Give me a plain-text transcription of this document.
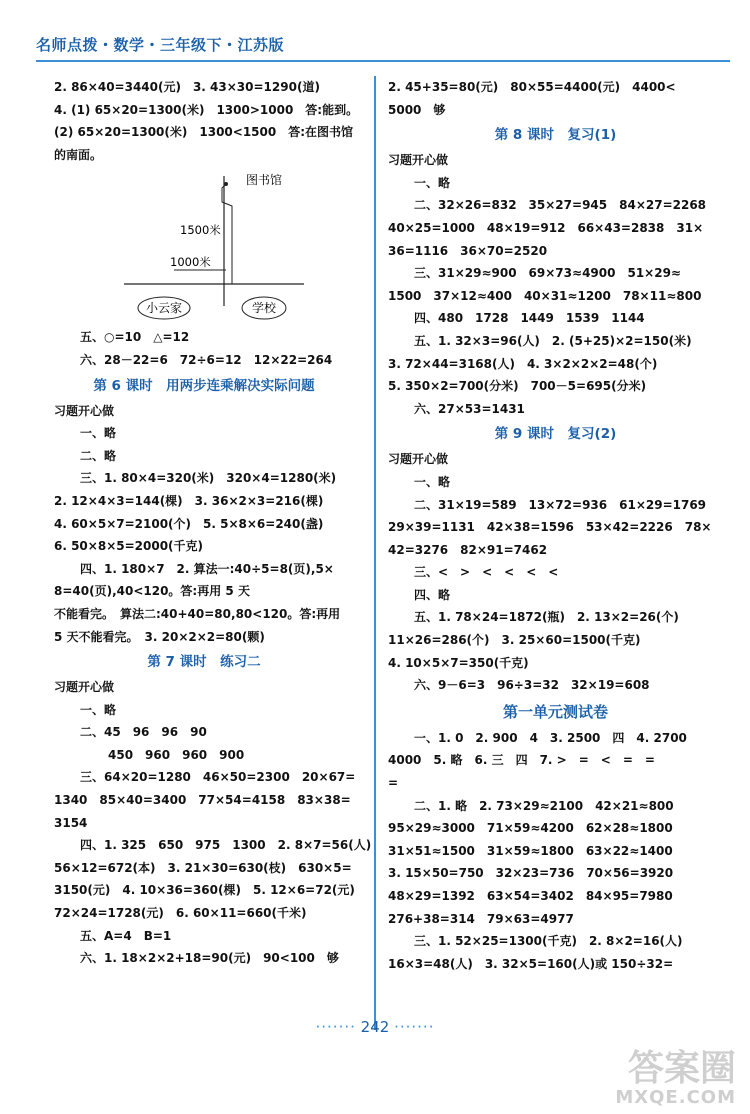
名师点拨・数学・三年级下・江苏版
2. 86×40=3440(元)　3. 43×30=1290(道)
4. (1) 65×20=1300(米)　1300>1000　答:能到。
(2) 65×20=1300(米)　1300<1500　答:在图书馆
的南面。
图书馆
1500米
1000米
小云家	学校
五、○=10　△=12
六、28－22=6　72÷6=12　12×22=264
第 6 课时　用两步连乘解决实际问题
习题开心做
一、略
二、略
三、1. 80×4=320(米)　320×4=1280(米)
2. 12×4×3=144(棵)　3. 36×2×3=216(棵)
4. 60×5×7=2100(个)　5. 5×8×6=240(盏)
6. 50×8×5=2000(千克)
四、1. 180×7　2. 算法一:40÷5=8(页),5×
8=40(页),40<120。答:再用 5 天
不能看完。　算法二:40+40=80,80<120。答:再用
5 天不能看完。　3. 20×2×2=80(颗)
第 7 课时　练习二
习题开心做
一、略
二、45　96　96　90
450　960　960　900
三、64×20=1280　46×50=2300　20×67=
1340　85×40=3400　77×54=4158　83×38=
3154
四、1. 325　650　975　1300　2. 8×7=56(人)
56×12=672(本)　3. 21×30=630(枝)　630×5=
3150(元)　4. 10×36=360(棵)　5. 12×6=72(元)
72×24=1728(元)　6. 60×11=660(千米)
五、A=4　B=1
六、1. 18×2×2+18=90(元)　90<100　够
2. 45+35=80(元)　80×55=4400(元)　4400<
5000　够
第 8 课时　复习(1)
习题开心做
一、略
二、32×26=832　35×27=945　84×27=2268
40×25=1000　48×19=912　66×43=2838　31×
36=1116　36×70=2520
三、31×29≈900　69×73≈4900　51×29≈
1500　37×12≈400　40×31≈1200　78×11≈800
四、480　1728　1449　1539　1144
五、1. 32×3=96(人)　2. (5+25)×2=150(米)
3. 72×44=3168(人)　4. 3×2×2×2=48(个)
5. 350×2=700(分米)　700－5=695(分米)
六、27×53=1431
第 9 课时　复习(2)
习题开心做
一、略
二、31×19=589　13×72=936　61×29=1769
29×39=1131　42×38=1596　53×42=2226　78×
42=3276　82×91=7462
三、<　>　<　<　<　<
四、略
五、1. 78×24=1872(瓶)　2. 13×2=26(个)
11×26=286(个)　3. 25×60=1500(千克)
4. 10×5×7=350(千克)
六、9－6=3　96÷3=32　32×19=608
第一单元测试卷
一、1. 0　2. 900　4　3. 2500　四　4. 2700
4000　5. 略　6. 三　四　7. >　=　<　=　=
=
二、1. 略　2. 73×29≈2100　42×21≈800
95×29≈3000　71×59≈4200　62×28≈1800
31×51≈1500　31×59≈1800　63×22≈1400
3. 15×50=750　32×23=736　70×56=3920
48×29=1392　63×54=3402　84×95=7980
276+38=314　79×63=4977
三、1. 52×25=1300(千克)　2. 8×2=16(人)
16×3=48(人)　3. 32×5=160(人)或 150÷32=
······· 242 ·······
答案圈
MXQE.COM
